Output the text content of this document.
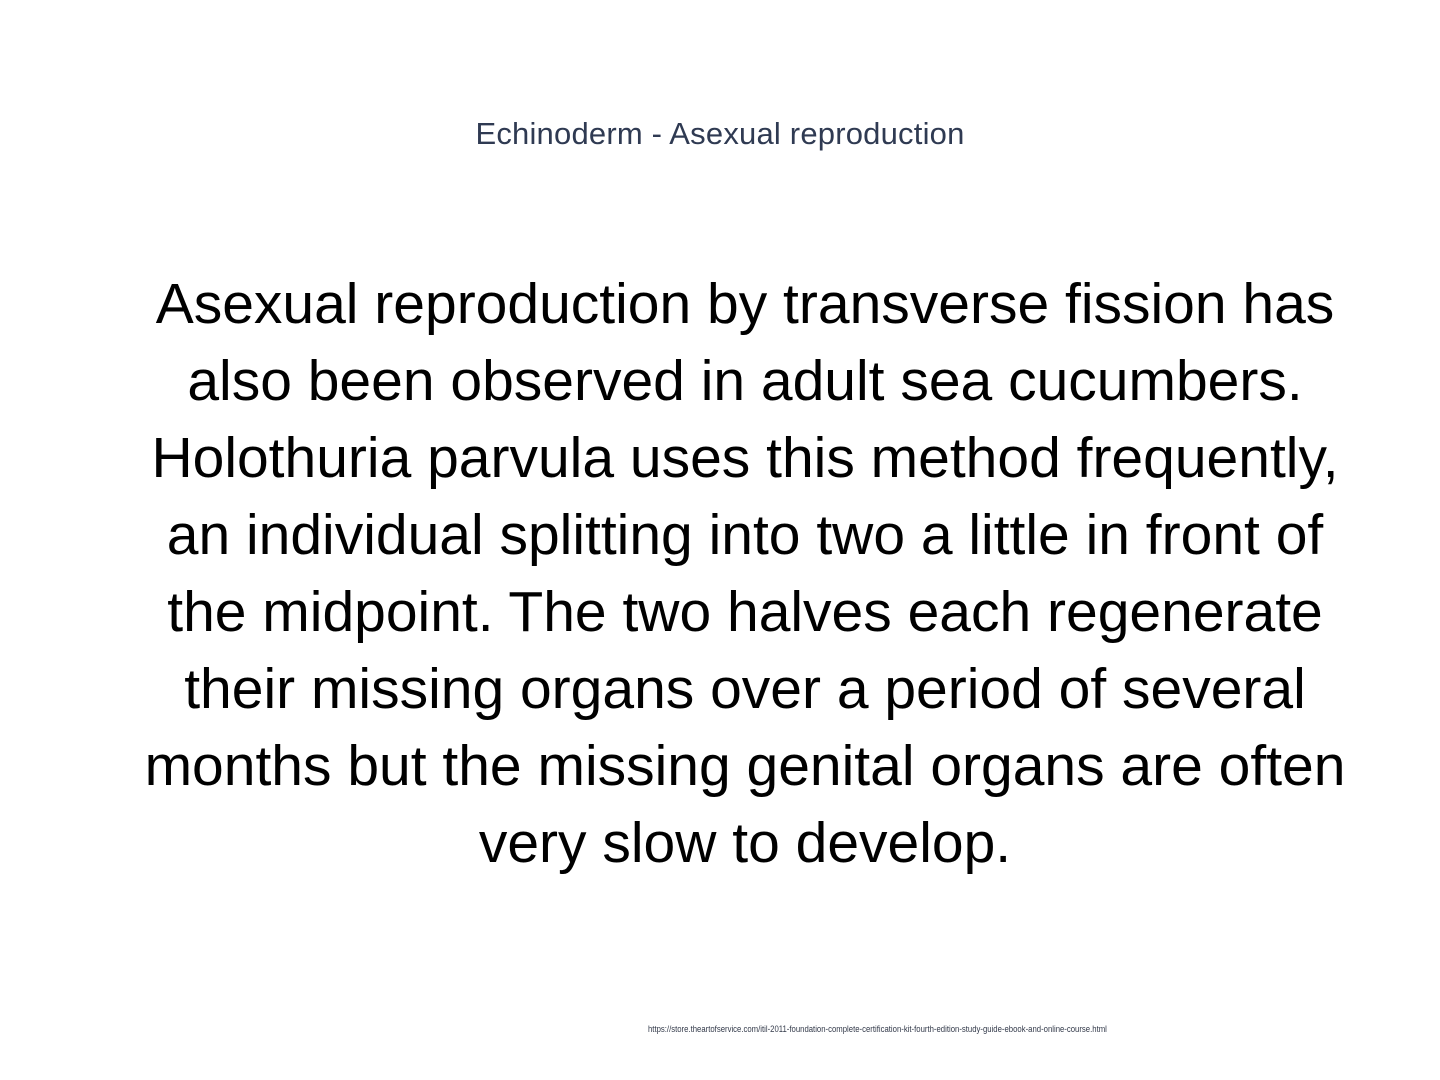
Echinoderm - Asexual reproduction
Asexual reproduction by transverse fission has also been observed in adult sea cucumbers. Holothuria parvula uses this method frequently, an individual splitting into two a little in front of the midpoint. The two halves each regenerate their missing organs over a period of several months but the missing genital organs are often very slow to develop.
https://store.theartofservice.com/itil-2011-foundation-complete-certification-kit-fourth-edition-study-guide-ebook-and-online-course.html
